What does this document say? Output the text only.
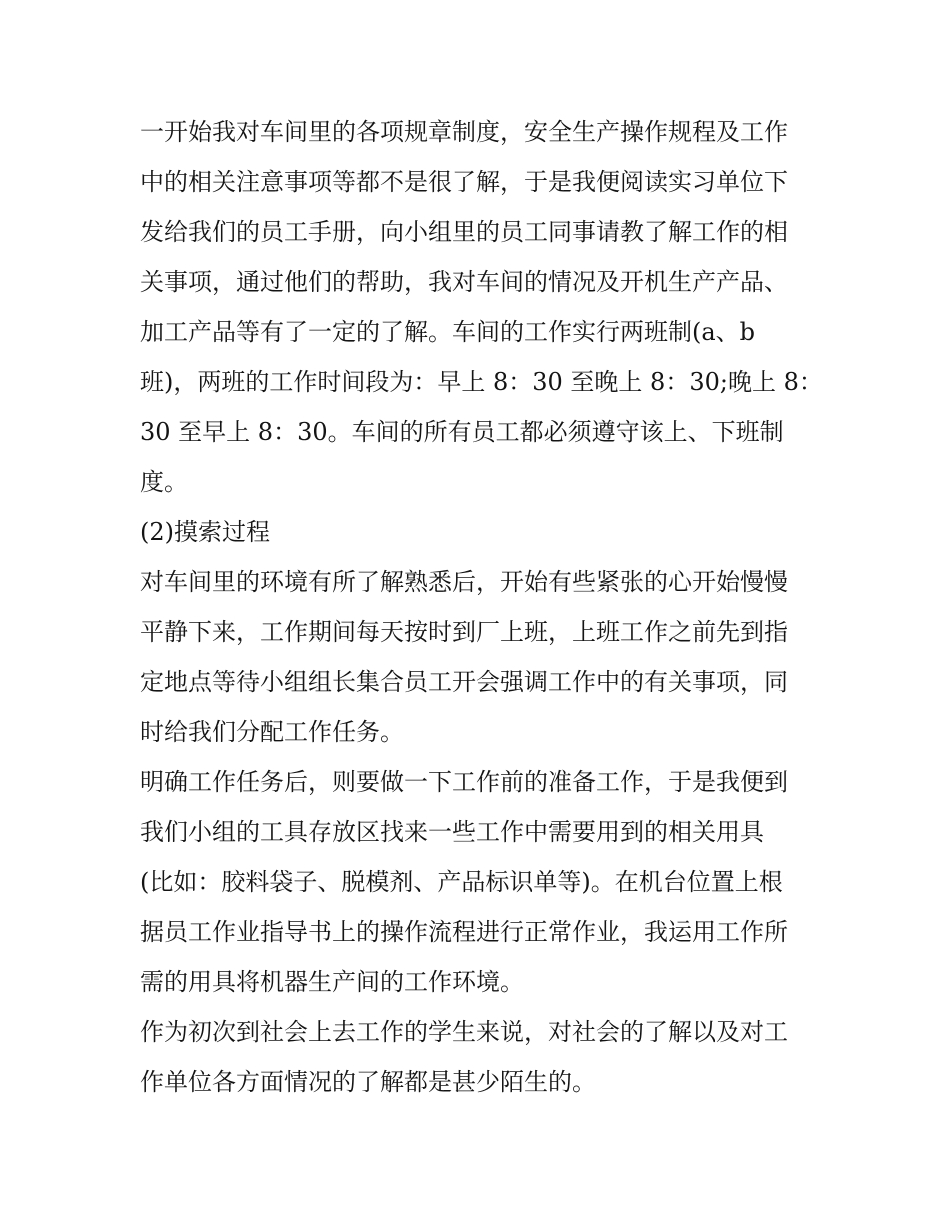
一开始我对车间里的各项规章制度，安全生产操作规程及工作

中的相关注意事项等都不是很了解，于是我便阅读实习单位下

发给我们的员工手册，向小组里的员工同事请教了解工作的相

关事项，通过他们的帮助，我对车间的情况及开机生产产品、

加工产品等有了一定的了解。车间的工作实行两班制(a、b

班)，两班的工作时间段为：早上 8：30 至晚上 8：30;晚上 8：

30 至早上 8：30。车间的所有员工都必须遵守该上、下班制

度。

(2)摸索过程

对车间里的环境有所了解熟悉后，开始有些紧张的心开始慢慢

平静下来，工作期间每天按时到厂上班，上班工作之前先到指

定地点等待小组组长集合员工开会强调工作中的有关事项，同

时给我们分配工作任务。

明确工作任务后，则要做一下工作前的准备工作，于是我便到

我们小组的工具存放区找来一些工作中需要用到的相关用具

(比如：胶料袋子、脱模剂、产品标识单等)。在机台位置上根

据员工作业指导书上的操作流程进行正常作业，我运用工作所

需的用具将机器生产间的工作环境。

作为初次到社会上去工作的学生来说，对社会的了解以及对工

作单位各方面情况的了解都是甚少陌生的。
